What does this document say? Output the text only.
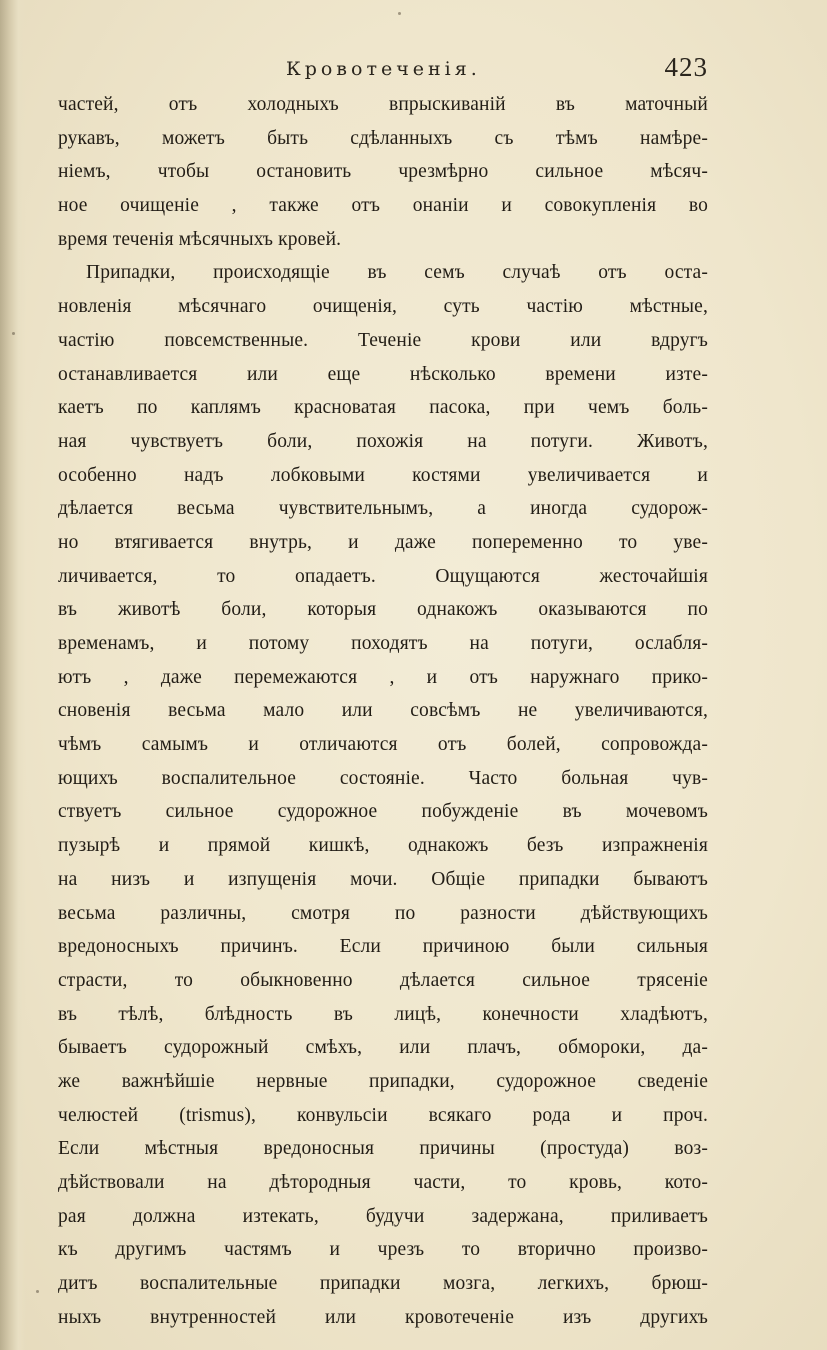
Кровотеченія.	423
частей, отъ холодныхъ впрыскиваній въ маточный
рукавъ, можетъ быть сдѣланныхъ съ тѣмъ намѣре-
ніемъ, чтобы остановить чрезмѣрно сильное мѣсяч-
ное очищеніе , также отъ онаніи и совокупленія во
время теченія мѣсячныхъ кровей.
Припадки, происходящіе въ семъ случаѣ отъ оста-
новленія мѣсячнаго очищенія, суть частію мѣстные,
частію повсемственные. Теченіе крови или вдругъ
останавливается или еще нѣсколько времени изте-
каетъ по каплямъ красноватая пасока, при чемъ боль-
ная чувствуетъ боли, похожія на потуги. Животъ,
особенно надъ лобковыми костями увеличивается и
дѣлается весьма чувствительнымъ, а иногда судорож-
но втягивается внутрь, и даже попеременно то уве-
личивается, то опадаетъ. Ощущаются жесточайшія
въ животѣ боли, которыя однакожъ оказываются по
временамъ, и потому походятъ на потуги, ослабля-
ютъ , даже перемежаются , и отъ наружнаго прико-
сновенія весьма мало или совсѣмъ не увеличиваются,
чѣмъ самымъ и отличаются отъ болей, сопровожда-
ющихъ воспалительное состояніе. Часто больная чув-
ствуетъ сильное судорожное побужденіе въ мочевомъ
пузырѣ и прямой кишкѣ, однакожъ безъ изпражненія
на низъ и изпущенія мочи. Общіе припадки бываютъ
весьма различны, смотря по разности дѣйствующихъ
вредоносныхъ причинъ. Если причиною были сильныя
страсти, то обыкновенно дѣлается сильное трясеніе
въ тѣлѣ, блѣдность въ лицѣ, конечности хладѣютъ,
бываетъ судорожный смѣхъ, или плачъ, обмороки, да-
же важнѣйшіе нервные припадки, судорожное сведеніе
челюстей (trismus), конвульсіи всякаго рода и проч.
Если мѣстныя вредоносныя причины (простуда) воз-
дѣйствовали на дѣтородныя части, то кровь, кото-
рая должна изтекать, будучи задержана, приливаетъ
къ другимъ частямъ и чрезъ то вторично произво-
дитъ воспалительные припадки мозга, легкихъ, брюш-
ныхъ внутренностей или кровотеченіе изъ другихъ
